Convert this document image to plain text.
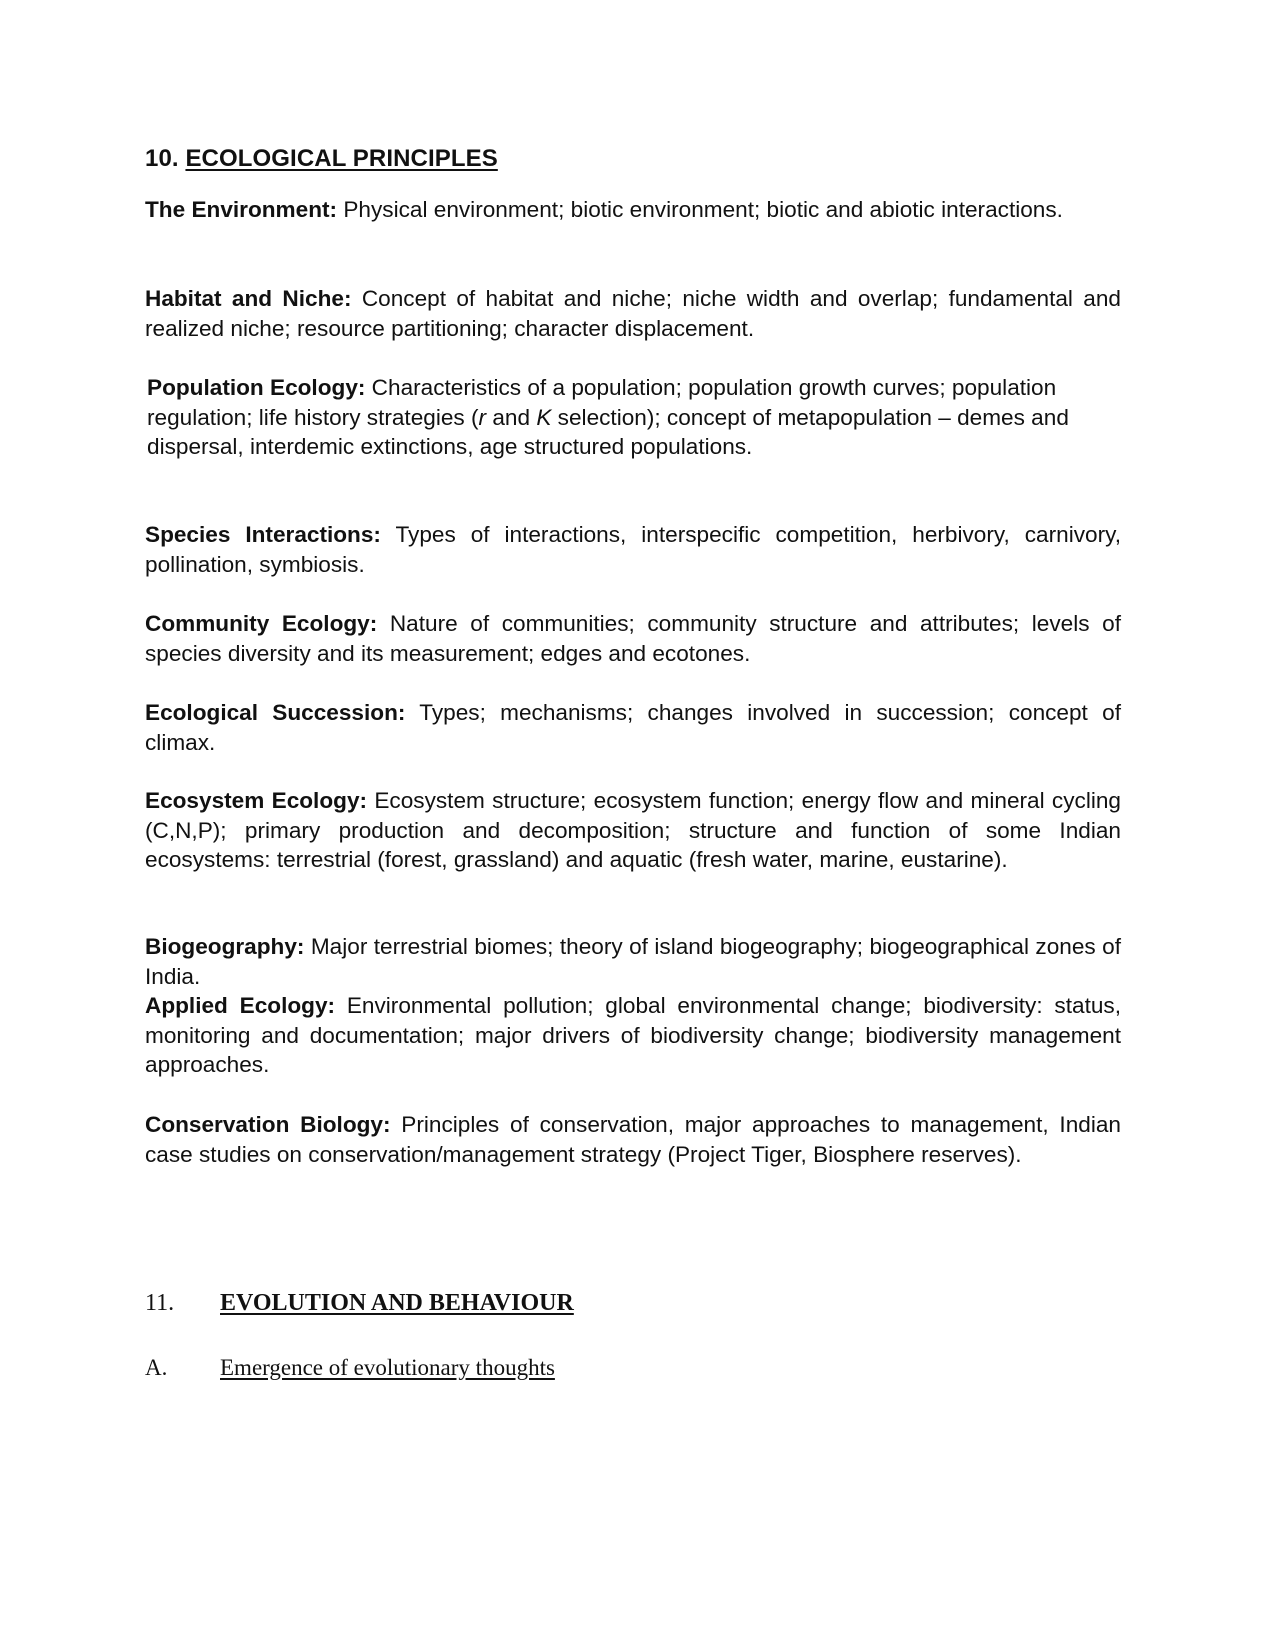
10. ECOLOGICAL PRINCIPLES

The Environment: Physical environment; biotic environment; biotic and abiotic interactions.

Habitat and Niche: Concept of habitat and niche; niche width and overlap; fundamental and realized niche; resource partitioning; character displacement.

Population Ecology: Characteristics of a population; population growth curves; population regulation; life history strategies (r and K selection); concept of metapopulation – demes and dispersal, interdemic extinctions, age structured populations.

Species Interactions: Types of interactions, interspecific competition, herbivory, carnivory, pollination, symbiosis.

Community Ecology: Nature of communities; community structure and attributes; levels of species diversity and its measurement; edges and ecotones.

Ecological Succession: Types; mechanisms; changes involved in succession; concept of climax.

Ecosystem Ecology: Ecosystem structure; ecosystem function; energy flow and mineral cycling (C,N,P); primary production and decomposition; structure and function of some Indian ecosystems: terrestrial (forest, grassland) and aquatic (fresh water, marine, eustarine).

Biogeography: Major terrestrial biomes; theory of island biogeography; biogeographical zones of India.

Applied Ecology: Environmental pollution; global environmental change; biodiversity: status, monitoring and documentation; major drivers of biodiversity change; biodiversity management approaches.

Conservation Biology: Principles of conservation, major approaches to management, Indian case studies on conservation/management strategy (Project Tiger, Biosphere reserves).

11. EVOLUTION AND BEHAVIOUR
A. Emergence of evolutionary thoughts
